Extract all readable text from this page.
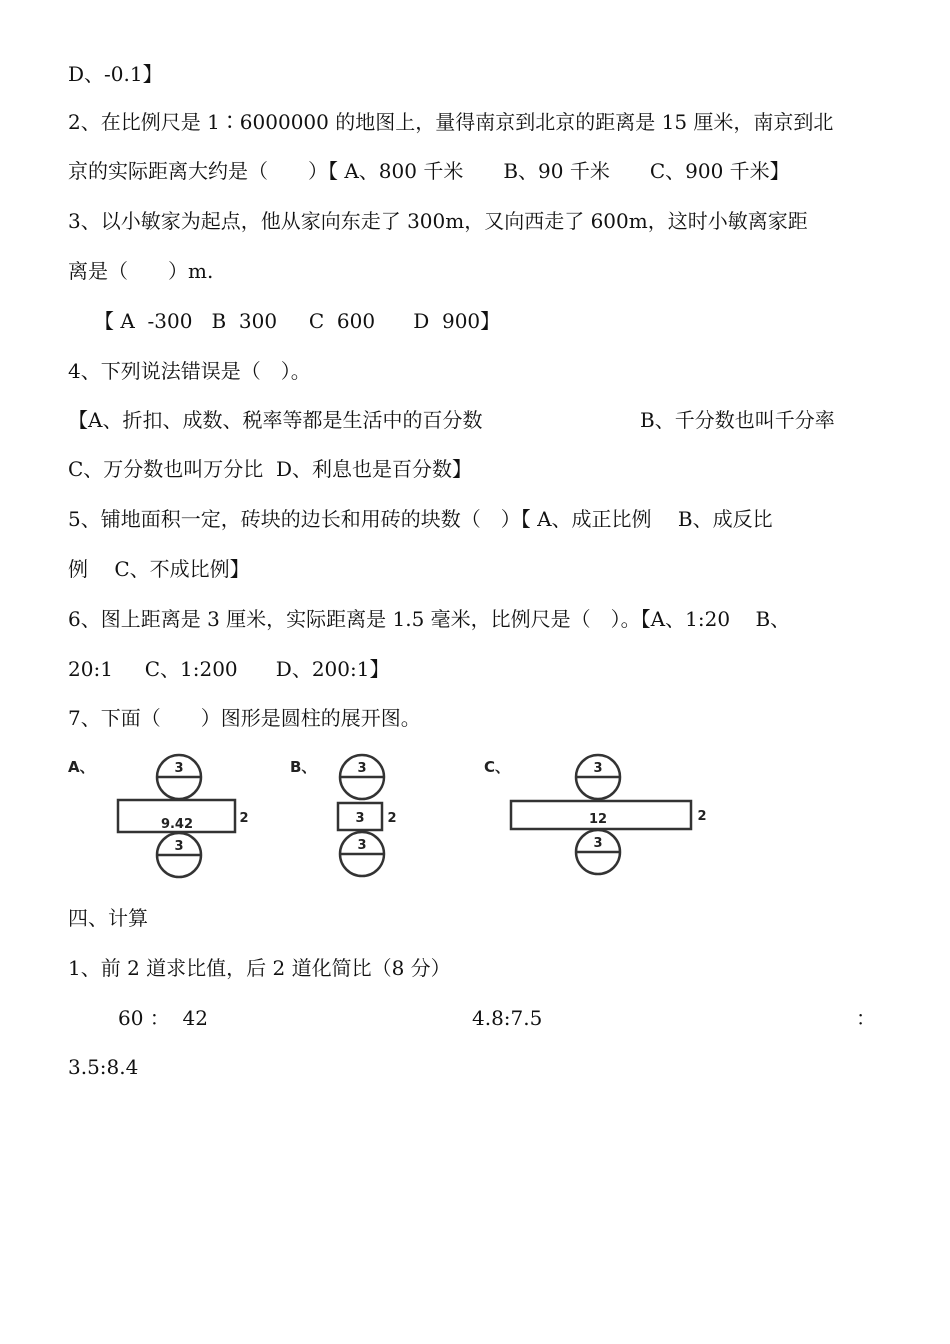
D、-0.1】
2、在比例尺是 1∶6000000 的地图上，量得南京到北京的距离是 15 厘米，南京到北
京的实际距离大约是（　　）【 A、800 千米　　B、90 千米　　C、900 千米】
3、以小敏家为起点，他从家向东走了 300m，又向西走了 600m，这时小敏离家距
离是（　　）m.
【 A  -300   B  300     C  600      D  900】
4、下列说法错误是（　）。
【A、折扣、成数、税率等都是生活中的百分数	B、千分数也叫千分率
C、万分数也叫万分比  D、利息也是百分数】
5、铺地面积一定，砖块的边长和用砖的块数（　）【 A、成正比例　 B、成反比
例　 C、不成比例】
6、图上距离是 3 厘米，实际距离是 1.5 毫米，比例尺是（　）。【A、1:20    B、
20:1     C、1:200      D、200:1】
7、下面（　　）图形是圆柱的展开图。
A、	B、	C、
3
9.42	2
3
3
3 2
3
3
12	2
3
四、计算
1、前 2 道求比值，后 2 道化简比（8 分）
60 ：  42	4.8:7.5	：
3.5:8.4
